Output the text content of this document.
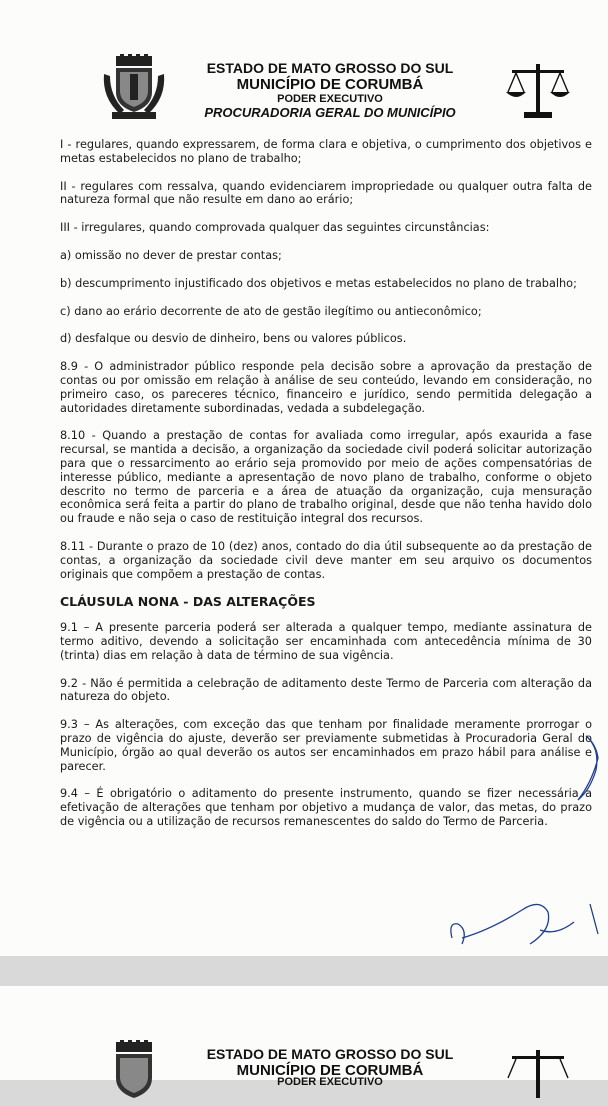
ESTADO DE MATO GROSSO DO SUL
MUNICÍPIO DE CORUMBÁ
PODER EXECUTIVO
PROCURADORIA GERAL DO MUNICÍPIO

I - regulares, quando expressarem, de forma clara e objetiva, o cumprimento dos objetivos e metas estabelecidos no plano de trabalho;

II - regulares com ressalva, quando evidenciarem impropriedade ou qualquer outra falta de natureza formal que não resulte em dano ao erário;

III - irregulares, quando comprovada qualquer das seguintes circunstâncias:

a) omissão no dever de prestar contas;

b) descumprimento injustificado dos objetivos e metas estabelecidos no plano de trabalho;

c) dano ao erário decorrente de ato de gestão ilegítimo ou antieconômico;

d) desfalque ou desvio de dinheiro, bens ou valores públicos.

8.9 - O administrador público responde pela decisão sobre a aprovação da prestação de contas ou por omissão em relação à análise de seu conteúdo, levando em consideração, no primeiro caso, os pareceres técnico, financeiro e jurídico, sendo permitida delegação a autoridades diretamente subordinadas, vedada a subdelegação.

8.10 - Quando a prestação de contas for avaliada como irregular, após exaurida a fase recursal, se mantida a decisão, a organização da sociedade civil poderá solicitar autorização para que o ressarcimento ao erário seja promovido por meio de ações compensatórias de interesse público, mediante a apresentação de novo plano de trabalho, conforme o objeto descrito no termo de parceria e a área de atuação da organização, cuja mensuração econômica será feita a partir do plano de trabalho original, desde que não tenha havido dolo ou fraude e não seja o caso de restituição integral dos recursos.

8.11 - Durante o prazo de 10 (dez) anos, contado do dia útil subsequente ao da prestação de contas, a organização da sociedade civil deve manter em seu arquivo os documentos originais que compõem a prestação de contas.

CLÁUSULA NONA - DAS ALTERAÇÕES

9.1 – A presente parceria poderá ser alterada a qualquer tempo, mediante assinatura de termo aditivo, devendo a solicitação ser encaminhada com antecedência mínima de 30 (trinta) dias em relação à data de término de sua vigência.

9.2 - Não é permitida a celebração de aditamento deste Termo de Parceria com alteração da natureza do objeto.

9.3 – As alterações, com exceção das que tenham por finalidade meramente prorrogar o prazo de vigência do ajuste, deverão ser previamente submetidas à Procuradoria Geral do Município, órgão ao qual deverão os autos ser encaminhados em prazo hábil para análise e parecer.

9.4 – É obrigatório o aditamento do presente instrumento, quando se fizer necessária a efetivação de alterações que tenham por objetivo a mudança de valor, das metas, do prazo de vigência ou a utilização de recursos remanescentes do saldo do Termo de Parceria.

ESTADO DE MATO GROSSO DO SUL
MUNICÍPIO DE CORUMBÁ
PODER EXECUTIVO
